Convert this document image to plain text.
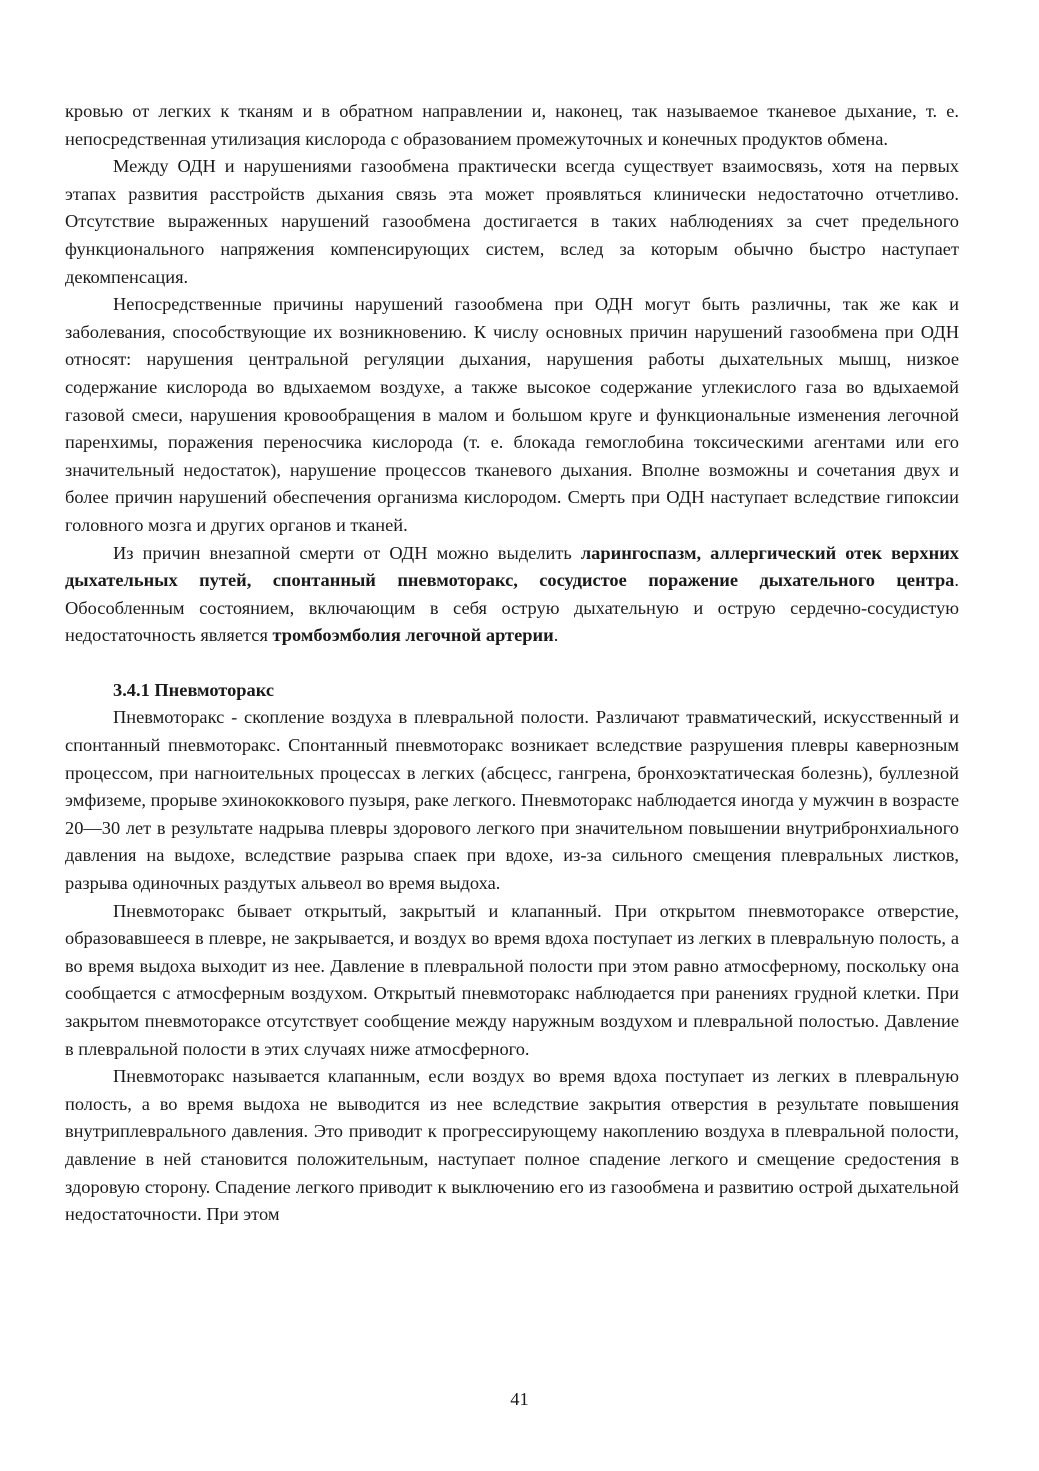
кровью от легких к тканям и в обратном направлении и, наконец, так называемое тканевое дыхание, т. е. непосредственная утилизация кислорода с образованием промежуточных и конечных продуктов обмена.

Между ОДН и нарушениями газообмена практически всегда существует взаимосвязь, хотя на первых этапах развития расстройств дыхания связь эта может проявляться клинически недостаточно отчетливо. Отсутствие выраженных нарушений газообмена достигается в таких наблюдениях за счет предельного функционального напряжения компенсирующих систем, вслед за которым обычно быстро наступает декомпенсация.

Непосредственные причины нарушений газообмена при ОДН могут быть различны, так же как и заболевания, способствующие их возникновению. К числу основных причин нарушений газообмена при ОДН относят: нарушения центральной регуляции дыхания, нарушения работы дыхательных мышц, низкое содержание кислорода во вдыхаемом воздухе, а также высокое содержание углекислого газа во вдыхаемой газовой смеси, нарушения кровообращения в малом и большом круге и функциональные изменения легочной паренхимы, поражения переносчика кислорода (т. е. блокада гемоглобина токсическими агентами или его значительный недостаток), нарушение процессов тканевого дыхания. Вполне возможны и сочетания двух и более причин нарушений обеспечения организма кислородом. Смерть при ОДН наступает вследствие гипоксии головного мозга и других органов и тканей.

Из причин внезапной смерти от ОДН можно выделить ларингоспазм, аллергический отек верхних дыхательных путей, спонтанный пневмоторакс, сосудистое поражение дыхательного центра. Обособленным состоянием, включающим в себя острую дыхательную и острую сердечно-сосудистую недостаточность является тромбоэмболия легочной артерии.

3.4.1 Пневмоторакс

Пневмоторакс - скопление воздуха в плевральной полости. Различают травматический, искусственный и спонтанный пневмоторакс. Спонтанный пневмоторакс возникает вследствие разрушения плевры кавернозным процессом, при нагноительных процессах в легких (абсцесс, гангрена, бронхоэктатическая болезнь), буллезной эмфиземе, прорыве эхинококкового пузыря, раке легкого. Пневмоторакс наблюдается иногда у мужчин в возрасте 20—30 лет в результате надрыва плевры здорового легкого при значительном повышении внутрибронхиального давления на выдохе, вследствие разрыва спаек при вдохе, из-за сильного смещения плевральных листков, разрыва одиночных раздутых альвеол во время выдоха.

Пневмоторакс бывает открытый, закрытый и клапанный. При открытом пневмотораксе отверстие, образовавшееся в плевре, не закрывается, и воздух во время вдоха поступает из легких в плевральную полость, а во время выдоха выходит из нее. Давление в плевральной полости при этом равно атмосферному, поскольку она сообщается с атмосферным воздухом. Открытый пневмоторакс наблюдается при ранениях грудной клетки. При закрытом пневмотораксе отсутствует сообщение между наружным воздухом и плевральной полостью. Давление в плевральной полости в этих случаях ниже атмосферного.

Пневмоторакс называется клапанным, если воздух во время вдоха поступает из легких в плевральную полость, а во время выдоха не выводится из нее вследствие закрытия отверстия в результате повышения внутриплеврального давления. Это приводит к прогрессирующему накоплению воздуха в плевральной полости, давление в ней становится положительным, наступает полное спадение легкого и смещение средостения в здоровую сторону. Спадение легкого приводит к выключению его из газообмена и развитию острой дыхательной недостаточности. При этом

41
